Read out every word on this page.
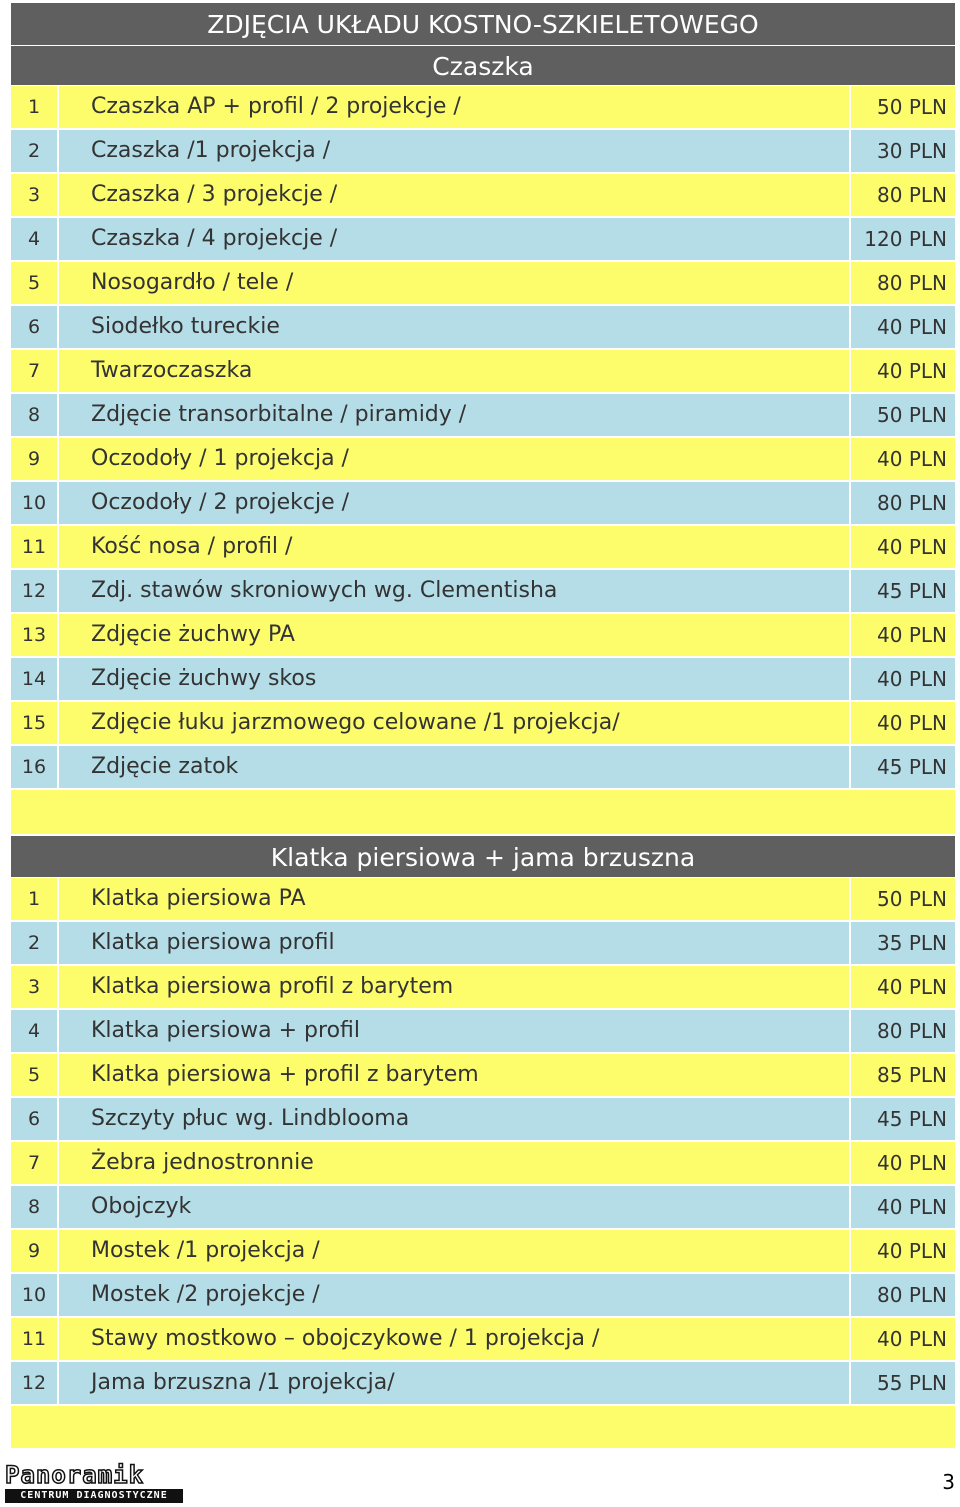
ZDJĘCIA UKŁADU KOSTNO-SZKIELETOWEGO
Czaszka
1	Czaszka AP + profil / 2 projekcje /	50 PLN
2	Czaszka /1 projekcja /	30 PLN
3	Czaszka / 3 projekcje /	80 PLN
4	Czaszka / 4 projekcje /	120 PLN
5	Nosogardło / tele /	80 PLN
6	Siodełko tureckie	40 PLN
7	Twarzoczaszka	40 PLN
8	Zdjęcie transorbitalne / piramidy /	50 PLN
9	Oczodoły / 1 projekcja /	40 PLN
10	Oczodoły / 2 projekcje /	80 PLN
11	Kość nosa / profil /	40 PLN
12	Zdj. stawów skroniowych wg. Clementisha	45 PLN
13	Zdjęcie żuchwy PA	40 PLN
14	Zdjęcie żuchwy skos	40 PLN
15	Zdjęcie łuku jarzmowego celowane /1 projekcja/	40 PLN
16	Zdjęcie zatok	45 PLN
Klatka piersiowa + jama brzuszna
1	Klatka piersiowa PA	50 PLN
2	Klatka piersiowa profil	35 PLN
3	Klatka piersiowa profil z barytem	40 PLN
4	Klatka piersiowa + profil	80 PLN
5	Klatka piersiowa + profil z barytem	85 PLN
6	Szczyty płuc wg. Lindblooma	45 PLN
7	Żebra jednostronnie	40 PLN
8	Obojczyk	40 PLN
9	Mostek /1 projekcja /	40 PLN
10	Mostek /2 projekcje /	80 PLN
11	Stawy mostkowo – obojczykowe / 1 projekcja /	40 PLN
12	Jama brzuszna /1 projekcja/	55 PLN
Panoramik
CENTRUM DIAGNOSTYCZNE
3
